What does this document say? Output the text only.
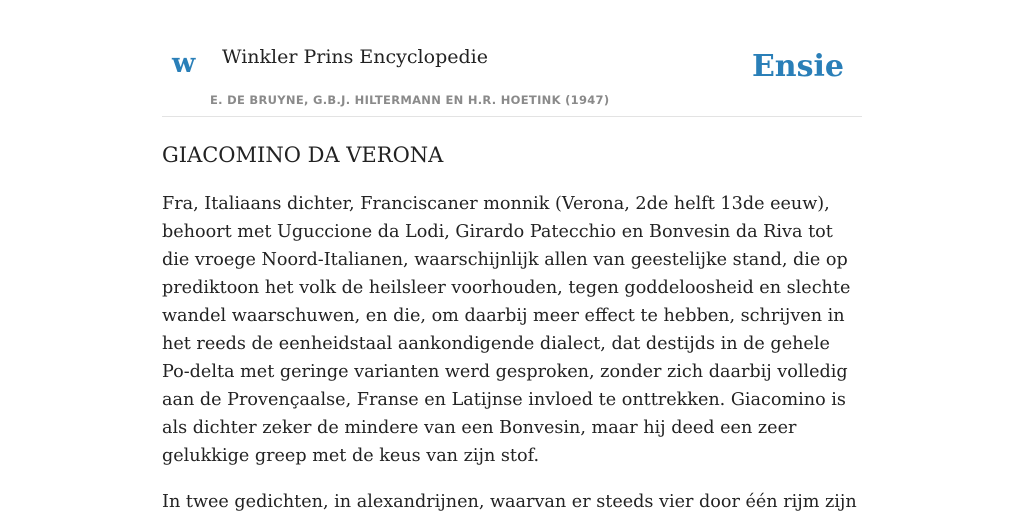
w Winkler Prins Encyclopedie
E. DE BRUYNE, G.B.J. HILTERMANN EN H.R. HOETINK (1947)
Ensie
GIACOMINO DA VERONA

Fra, Italiaans dichter, Franciscaner monnik (Verona, 2de helft 13de eeuw), behoort met Uguccione da Lodi, Girardo Patecchio en Bonvesin da Riva tot die vroege Noord-Italianen, waarschijnlijk allen van geestelijke stand, die op prediktoon het volk de heilsleer voorhouden, tegen goddeloosheid en slechte wandel waarschuwen, en die, om daarbij meer effect te hebben, schrijven in het reeds de eenheidstaal aankondigende dialect, dat destijds in de gehele Po-delta met geringe varianten werd gesproken, zonder zich daarbij volledig aan de Provençaalse, Franse en Latijnse invloed te onttrekken. Giacomino is als dichter zeker de mindere van een Bonvesin, maar hij deed een zeer gelukkige greep met de keus van zijn stof.

In twee gedichten, in alexandrijnen, waarvan er steeds vier door één rijm zijn
